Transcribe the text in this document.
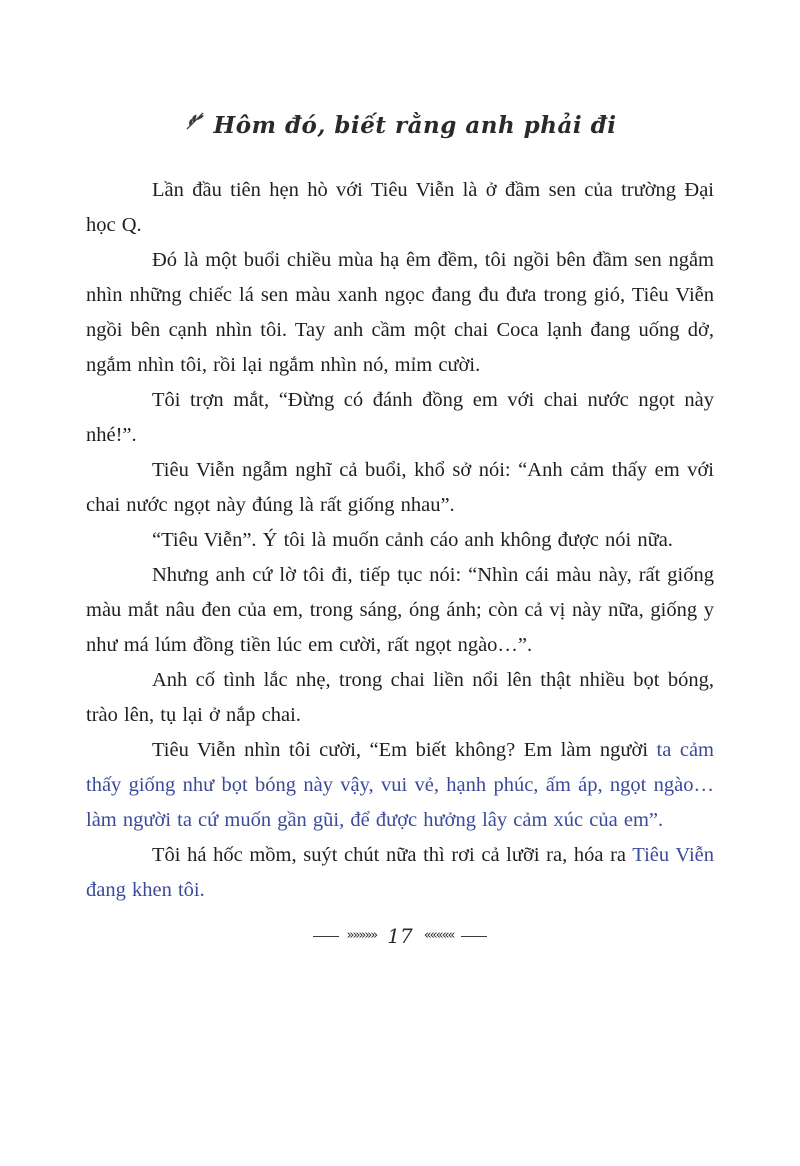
Hôm đó, biết rằng anh phải đi

Lần đầu tiên hẹn hò với Tiêu Viễn là ở đầm sen của trường Đại học Q.

Đó là một buổi chiều mùa hạ êm đềm, tôi ngồi bên đầm sen ngắm nhìn những chiếc lá sen màu xanh ngọc đang đu đưa trong gió, Tiêu Viễn ngồi bên cạnh nhìn tôi. Tay anh cầm một chai Coca lạnh đang uống dở, ngắm nhìn tôi, rồi lại ngắm nhìn nó, mỉm cười.

Tôi trợn mắt, “Đừng có đánh đồng em với chai nước ngọt này nhé!”.

Tiêu Viễn ngẫm nghĩ cả buổi, khổ sở nói: “Anh cảm thấy em với chai nước ngọt này đúng là rất giống nhau”.

“Tiêu Viễn”. Ý tôi là muốn cảnh cáo anh không được nói nữa.

Nhưng anh cứ lờ tôi đi, tiếp tục nói: “Nhìn cái màu này, rất giống màu mắt nâu đen của em, trong sáng, óng ánh; còn cả vị này nữa, giống y như má lúm đồng tiền lúc em cười, rất ngọt ngào…”.

Anh cố tình lắc nhẹ, trong chai liền nổi lên thật nhiều bọt bóng, trào lên, tụ lại ở nắp chai.

Tiêu Viễn nhìn tôi cười, “Em biết không? Em làm người ta cảm thấy giống như bọt bóng này vậy, vui vẻ, hạnh phúc, ấm áp, ngọt ngào… làm người ta cứ muốn gần gũi, để được hưởng lây cảm xúc của em”.

Tôi há hốc mồm, suýt chút nữa thì rơi cả lưỡi ra, hóa ra Tiêu Viễn đang khen tôi.

»»»»» 17 «««««
